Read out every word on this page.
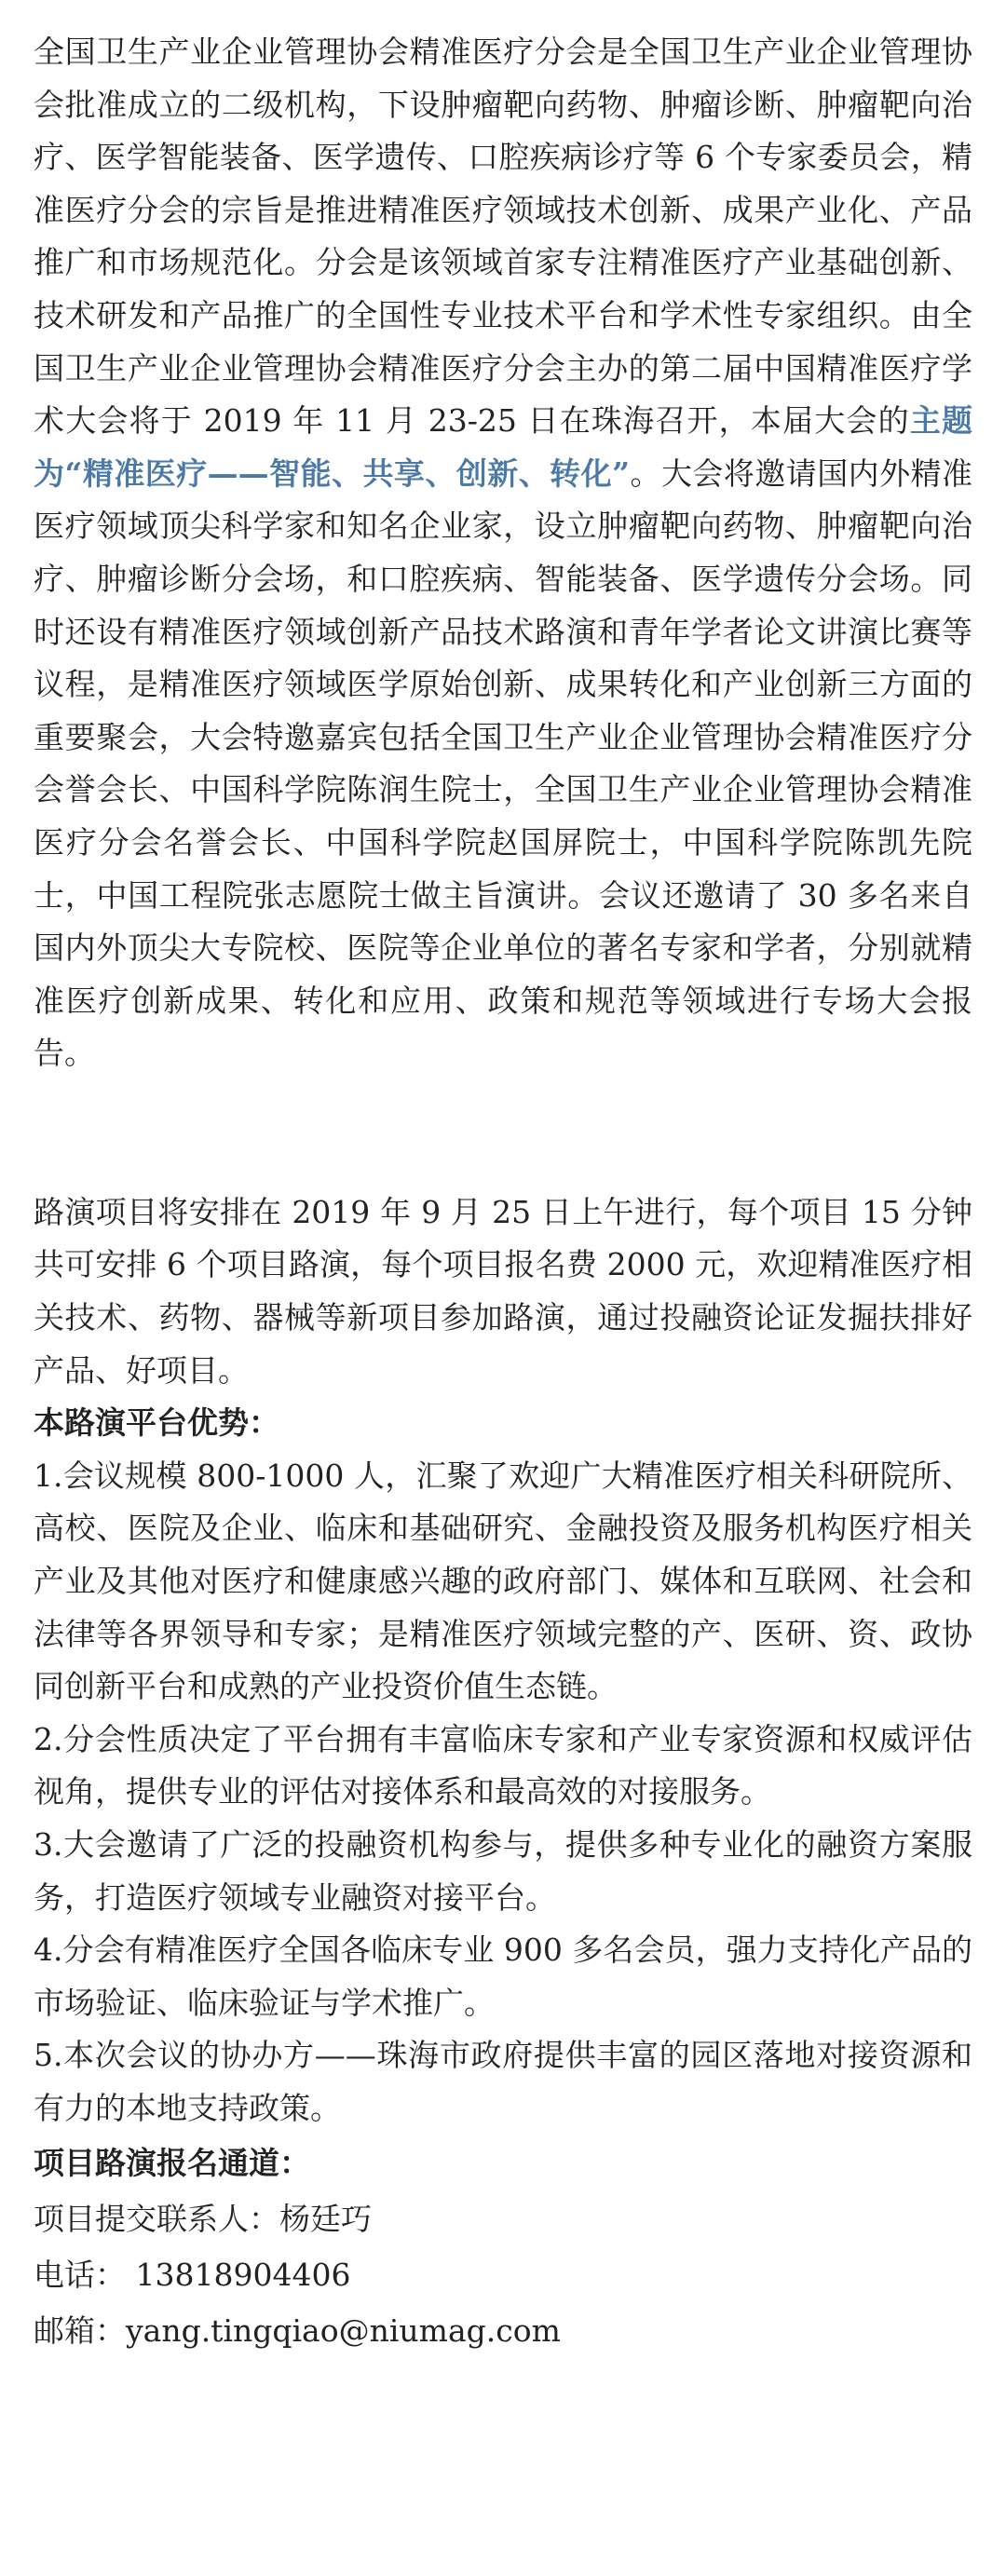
全国卫生产业企业管理协会精准医疗分会是全国卫生产业企业管理协会批准成立的二级机构，下设肿瘤靶向药物、肿瘤诊断、肿瘤靶向治疗、医学智能装备、医学遗传、口腔疾病诊疗等 6 个专家委员会，精准医疗分会的宗旨是推进精准医疗领域技术创新、成果产业化、产品推广和市场规范化。分会是该领域首家专注精准医疗产业基础创新、技术研发和产品推广的全国性专业技术平台和学术性专家组织。由全国卫生产业企业管理协会精准医疗分会主办的第二届中国精准医疗学术大会将于 2019 年 11 月 23-25 日在珠海召开，本届大会的主题为“精准医疗——智能、共享、创新、转化”。大会将邀请国内外精准医疗领域顶尖科学家和知名企业家，设立肿瘤靶向药物、肿瘤靶向治疗、肿瘤诊断分会场，和口腔疾病、智能装备、医学遗传分会场。同时还设有精准医疗领域创新产品技术路演和青年学者论文讲演比赛等议程，是精准医疗领域医学原始创新、成果转化和产业创新三方面的重要聚会，大会特邀嘉宾包括全国卫生产业企业管理协会精准医疗分会誉会长、中国科学院陈润生院士，全国卫生产业企业管理协会精准医疗分会名誉会长、中国科学院赵国屏院士，中国科学院陈凯先院士，中国工程院张志愿院士做主旨演讲。会议还邀请了 30 多名来自国内外顶尖大专院校、医院等企业单位的著名专家和学者，分别就精准医疗创新成果、转化和应用、政策和规范等领域进行专场大会报告。

路演项目将安排在 2019 年 9 月 25 日上午进行，每个项目 15 分钟共可安排 6 个项目路演，每个项目报名费 2000 元，欢迎精准医疗相关技术、药物、器械等新项目参加路演，通过投融资论证发掘扶排好产品、好项目。

本路演平台优势：

1.会议规模 800-1000 人，汇聚了欢迎广大精准医疗相关科研院所、高校、医院及企业、临床和基础研究、金融投资及服务机构医疗相关产业及其他对医疗和健康感兴趣的政府部门、媒体和互联网、社会和法律等各界领导和专家；是精准医疗领域完整的产、医研、资、政协同创新平台和成熟的产业投资价值生态链。

2.分会性质决定了平台拥有丰富临床专家和产业专家资源和权威评估视角，提供专业的评估对接体系和最高效的对接服务。

3.大会邀请了广泛的投融资机构参与，提供多种专业化的融资方案服务，打造医疗领域专业融资对接平台。

4.分会有精准医疗全国各临床专业 900 多名会员，强力支持化产品的市场验证、临床验证与学术推广。

5.本次会议的协办方——珠海市政府提供丰富的园区落地对接资源和有力的本地支持政策。

项目路演报名通道：

项目提交联系人：杨廷巧

电话： 13818904406

邮箱：yang.tingqiao@niumag.com
